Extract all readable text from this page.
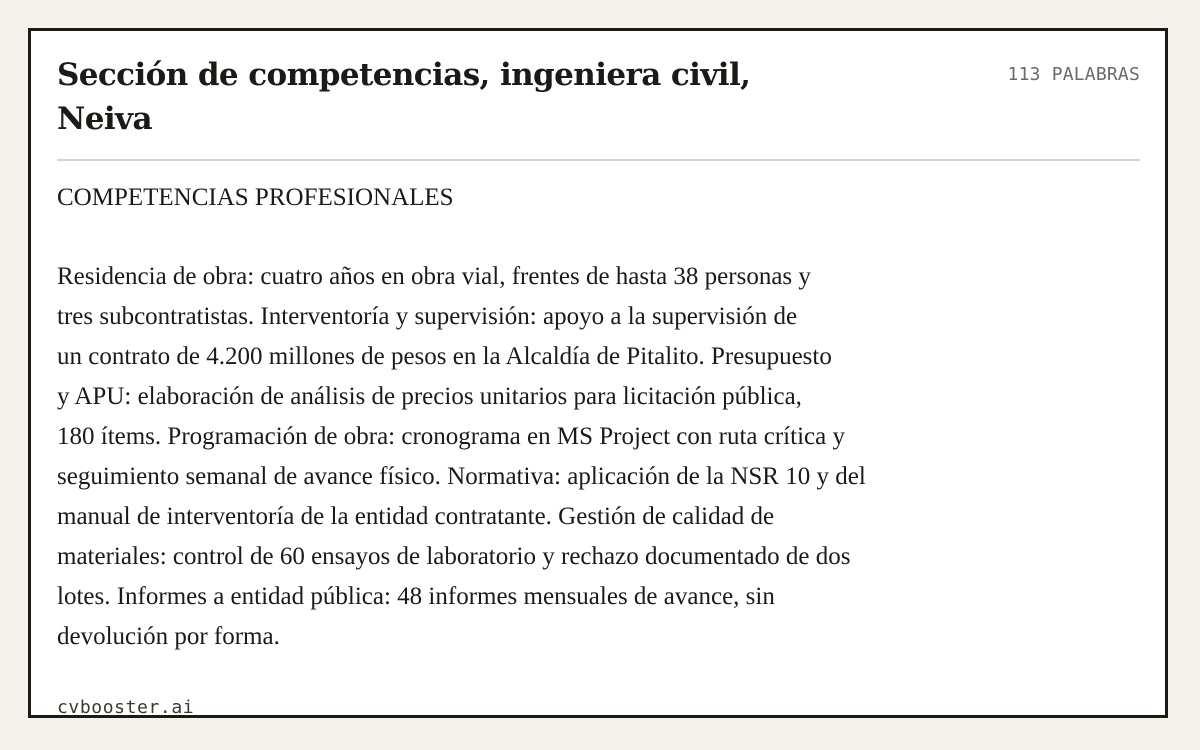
Sección de competencias, ingeniera civil, Neiva
113 PALABRAS
COMPETENCIAS PROFESIONALES

Residencia de obra: cuatro años en obra vial, frentes de hasta 38 personas y
tres subcontratistas. Interventoría y supervisión: apoyo a la supervisión de
un contrato de 4.200 millones de pesos en la Alcaldía de Pitalito. Presupuesto
y APU: elaboración de análisis de precios unitarios para licitación pública,
180 ítems. Programación de obra: cronograma en MS Project con ruta crítica y
seguimiento semanal de avance físico. Normativa: aplicación de la NSR 10 y del
manual de interventoría de la entidad contratante. Gestión de calidad de
materiales: control de 60 ensayos de laboratorio y rechazo documentado de dos
lotes. Informes a entidad pública: 48 informes mensuales de avance, sin
devolución por forma.

cvbooster.ai
